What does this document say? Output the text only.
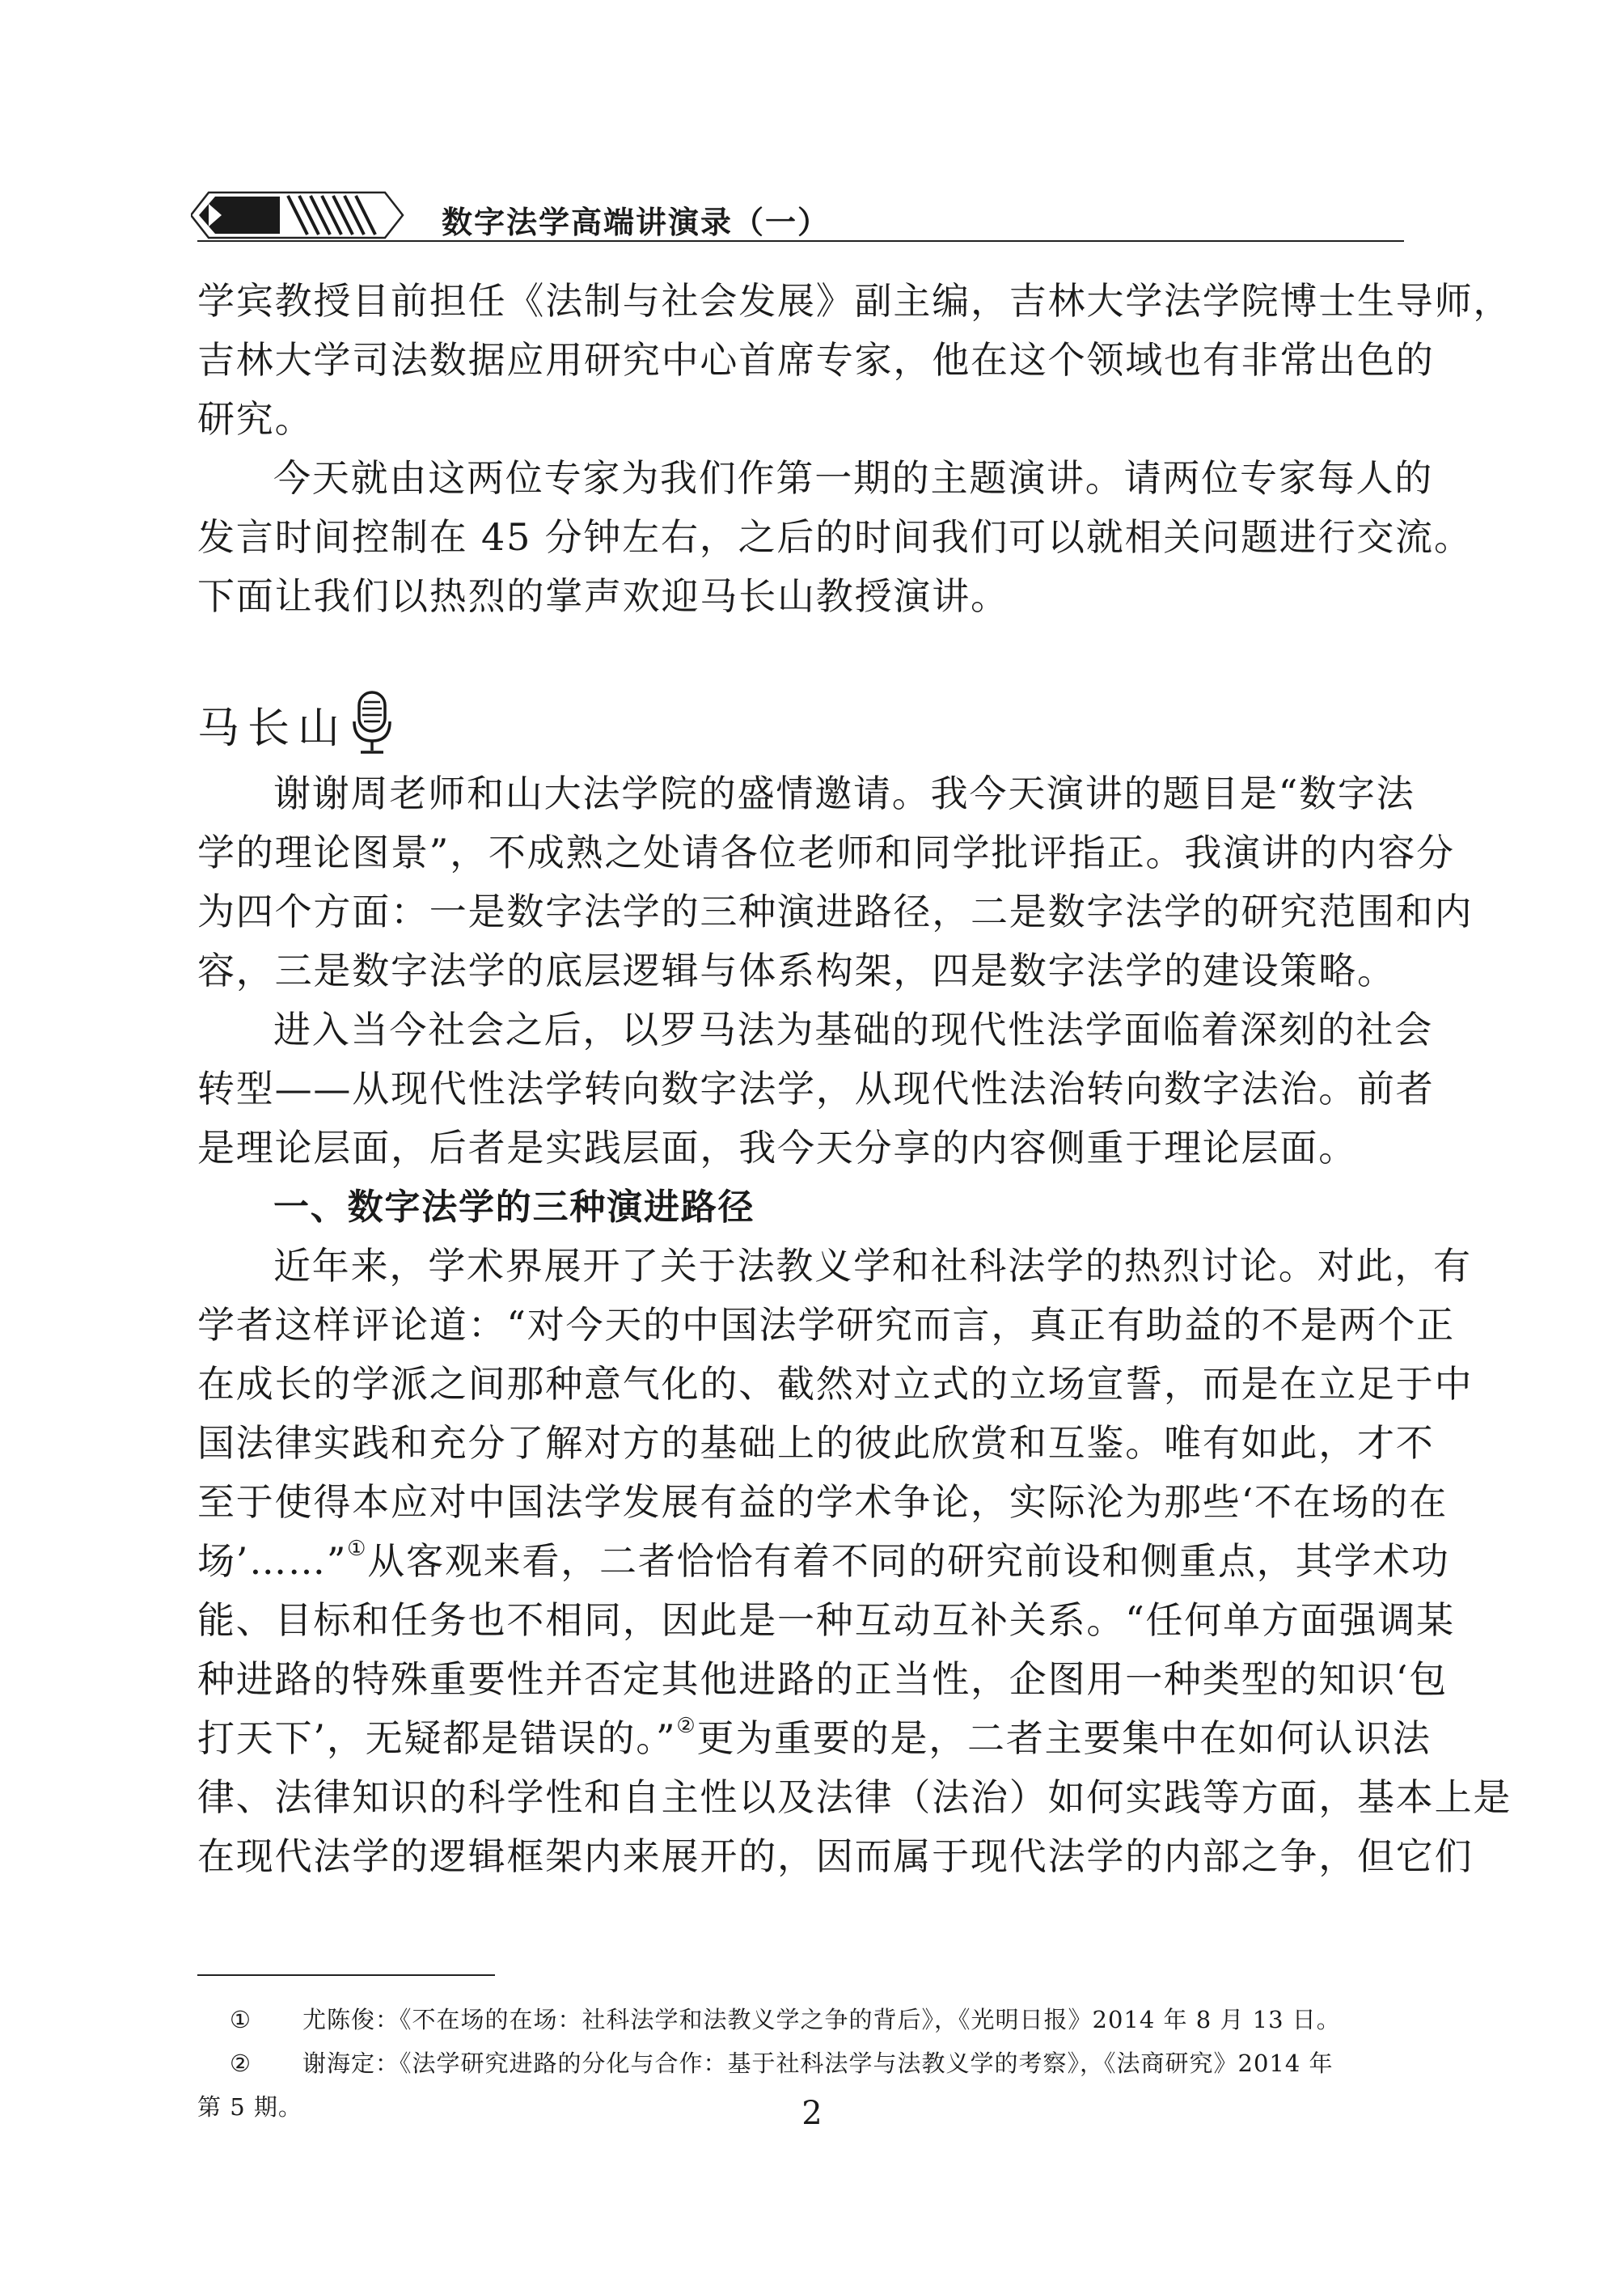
数字法学高端讲演录（一）
学宾教授目前担任《法制与社会发展》副主编，吉林大学法学院博士生导师，
吉林大学司法数据应用研究中心首席专家，他在这个领域也有非常出色的
研究。
今天就由这两位专家为我们作第一期的主题演讲。请两位专家每人的
发言时间控制在 45 分钟左右，之后的时间我们可以就相关问题进行交流。
下面让我们以热烈的掌声欢迎马长山教授演讲。
马长山
谢谢周老师和山大法学院的盛情邀请。我今天演讲的题目是“数字法
学的理论图景”，不成熟之处请各位老师和同学批评指正。我演讲的内容分
为四个方面：一是数字法学的三种演进路径，二是数字法学的研究范围和内
容，三是数字法学的底层逻辑与体系构架，四是数字法学的建设策略。
进入当今社会之后，以罗马法为基础的现代性法学面临着深刻的社会
转型——从现代性法学转向数字法学，从现代性法治转向数字法治。前者
是理论层面，后者是实践层面，我今天分享的内容侧重于理论层面。
一、数字法学的三种演进路径
近年来，学术界展开了关于法教义学和社科法学的热烈讨论。对此，有
学者这样评论道：“对今天的中国法学研究而言，真正有助益的不是两个正
在成长的学派之间那种意气化的、截然对立式的立场宣誓，而是在立足于中
国法律实践和充分了解对方的基础上的彼此欣赏和互鉴。唯有如此，才不
至于使得本应对中国法学发展有益的学术争论，实际沦为那些‘不在场的在
场’……”①从客观来看，二者恰恰有着不同的研究前设和侧重点，其学术功
能、目标和任务也不相同，因此是一种互动互补关系。“任何单方面强调某
种进路的特殊重要性并否定其他进路的正当性，企图用一种类型的知识‘包
打天下’，无疑都是错误的。”②更为重要的是，二者主要集中在如何认识法
律、法律知识的科学性和自主性以及法律（法治）如何实践等方面，基本上是
在现代法学的逻辑框架内来展开的，因而属于现代法学的内部之争，但它们
① 尤陈俊：《不在场的在场：社科法学和法教义学之争的背后》，《光明日报》2014 年 8 月 13 日。
② 谢海定：《法学研究进路的分化与合作：基于社科法学与法教义学的考察》，《法商研究》2014 年
第 5 期。	2
